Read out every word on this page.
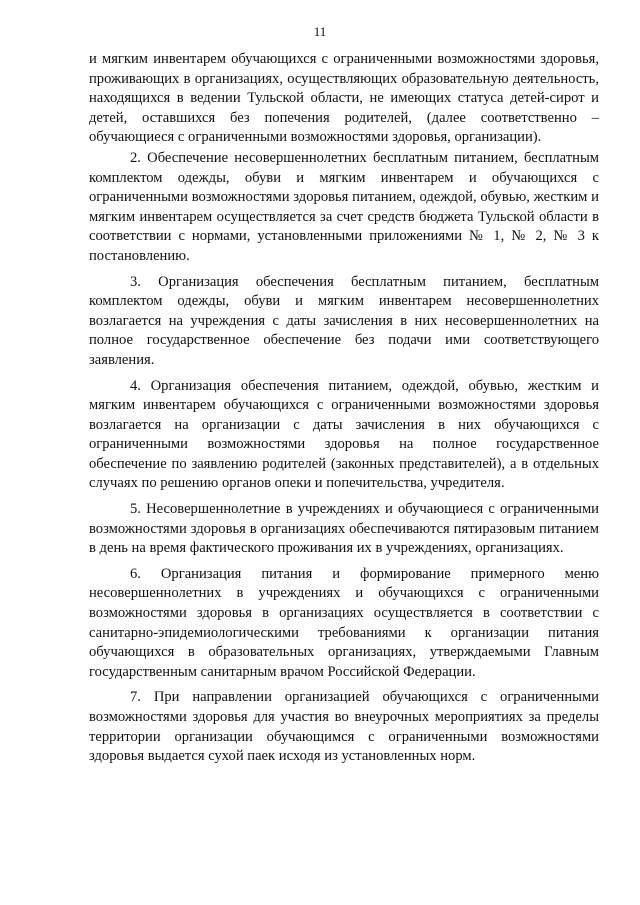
11

и мягким инвентарем обучающихся с ограниченными возможностями здоровья, проживающих в организациях, осуществляющих образовательную деятельность, находящихся в ведении Тульской области, не имеющих статуса детей-сирот и детей, оставшихся без попечения родителей, (далее соответственно – обучающиеся с ограниченными возможностями здоровья, организации).

2. Обеспечение несовершеннолетних бесплатным питанием, бесплатным комплектом одежды, обуви и мягким инвентарем и обучающихся с ограниченными возможностями здоровья питанием, одеждой, обувью, жестким и мягким инвентарем осуществляется за счет средств бюджета Тульской области в соответствии с нормами, установленными приложениями № 1, № 2, № 3 к постановлению.

3. Организация обеспечения бесплатным питанием, бесплатным комплектом одежды, обуви и мягким инвентарем несовершеннолетних возлагается на учреждения с даты зачисления в них несовершеннолетних на полное государственное обеспечение без подачи ими соответствующего заявления.

4. Организация обеспечения питанием, одеждой, обувью, жестким и мягким инвентарем обучающихся с ограниченными возможностями здоровья возлагается на организации с даты зачисления в них обучающихся с ограниченными возможностями здоровья на полное государственное обеспечение по заявлению родителей (законных представителей), а в отдельных случаях по решению органов опеки и попечительства, учредителя.

5. Несовершеннолетние в учреждениях и обучающиеся с ограниченными возможностями здоровья в организациях обеспечиваются пятиразовым питанием в день на время фактического проживания их в учреждениях, организациях.

6. Организация питания и формирование примерного меню несовершеннолетних в учреждениях и обучающихся с ограниченными возможностями здоровья в организациях осуществляется в соответствии с санитарно-эпидемиологическими требованиями к организации питания обучающихся в образовательных организациях, утверждаемыми Главным государственным санитарным врачом Российской Федерации.

7. При направлении организацией обучающихся с ограниченными возможностями здоровья для участия во внеурочных мероприятиях за пределы территории организации обучающимся с ограниченными возможностями здоровья выдается сухой паек исходя из установленных норм.
